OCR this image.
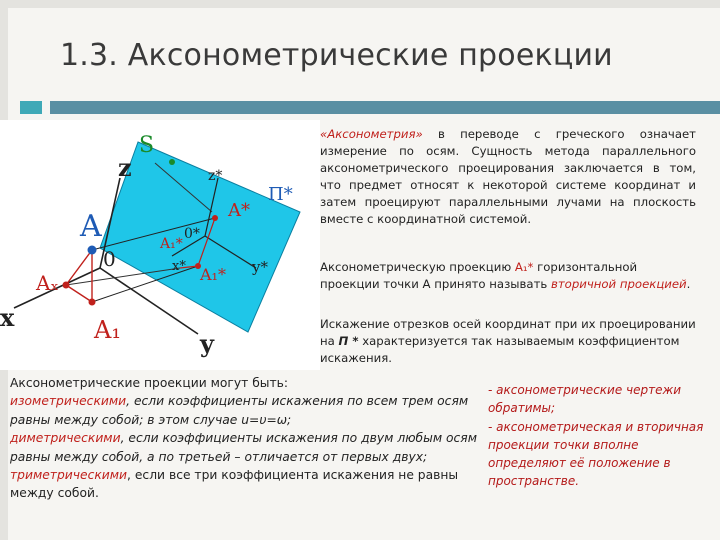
1.3. Аксонометрические проекции
S
z	z*
A*
П*
A	A₁*
0*
0	x* A₁* y*
Aₓ
x	A₁	y
«Аксонометрия» в переводе с греческого означает измерение по осям. Сущность метода параллельного аксонометрического проецирования заключается в том, что предмет относят к некоторой системе координат и затем проецируют параллельными лучами на плоскость вместе с координатной системой.
Аксонометрическую проекцию A₁* горизонтальной проекции точки А принято называть вторичной проекцией.
Искажение отрезков осей координат при их проецировании на П * характеризуется так называемым коэффициентом искажения.
Аксонометрические проекции могут быть:
изометрическими, если коэффициенты искажения по всем трем осям равны между собой; в этом случае u=υ=ω;
диметрическими, если коэффициенты искажения по двум любым осям равны между собой, а по третьей – отличается от первых двух;
триметрическими, если все три коэффициента искажения не равны между собой.
- аксонометрические чертежи обратимы;
- аксонометрическая и вторичная проекции точки вполне определяют её положение в пространстве.
